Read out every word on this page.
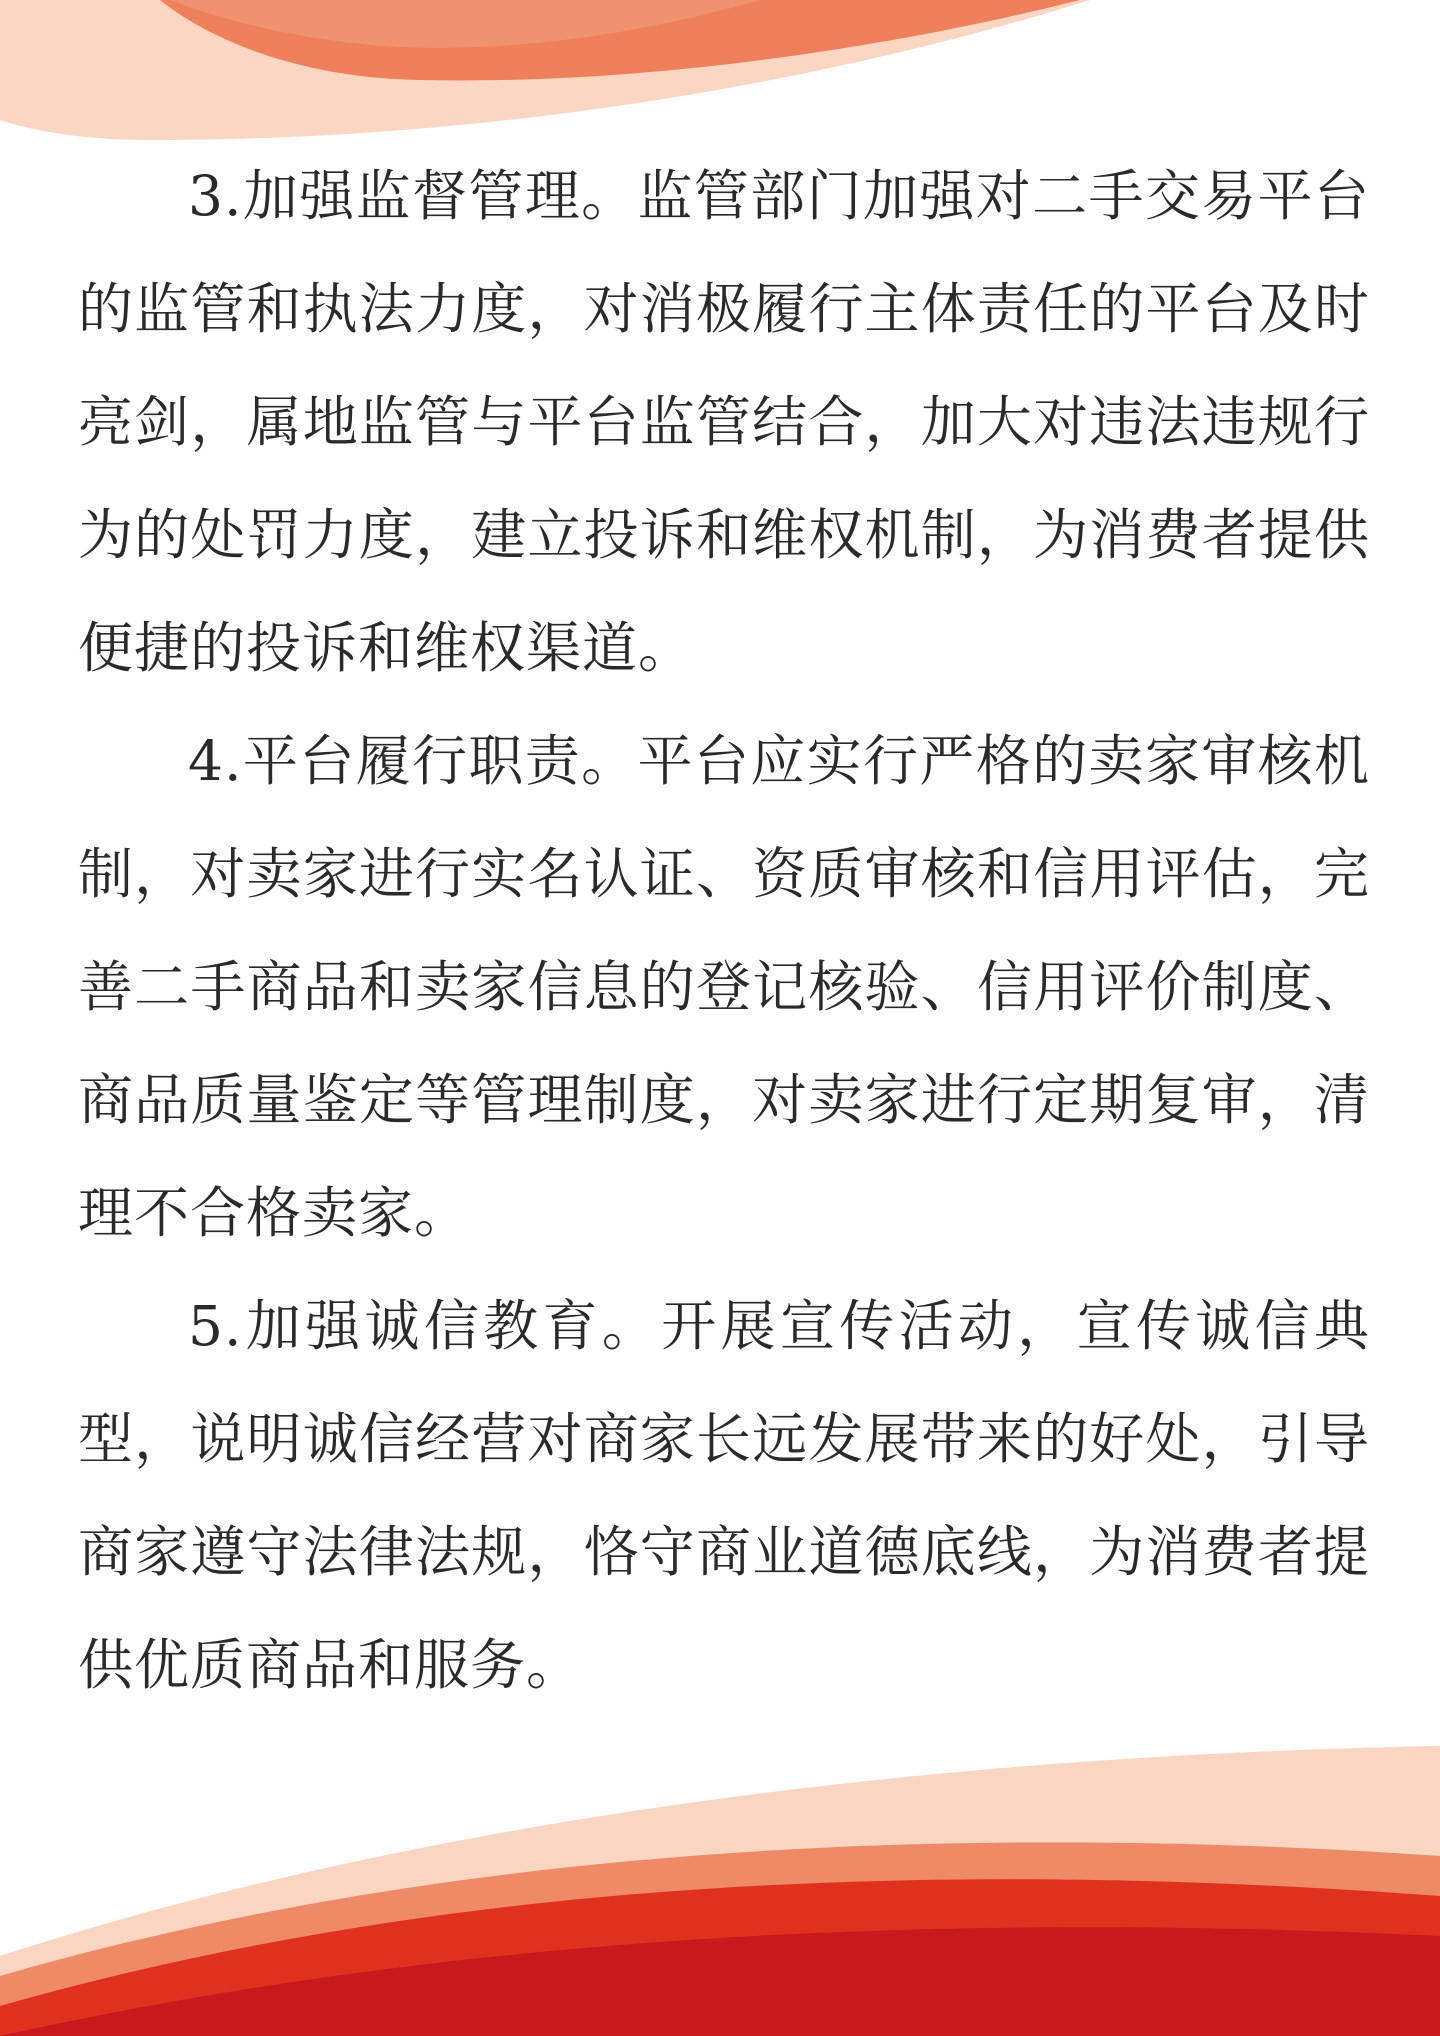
3.加强监督管理。监管部门加强对二手交易平台的监管和执法力度，对消极履行主体责任的平台及时亮剑，属地监管与平台监管结合，加大对违法违规行为的处罚力度，建立投诉和维权机制，为消费者提供便捷的投诉和维权渠道。

4.平台履行职责。平台应实行严格的卖家审核机制，对卖家进行实名认证、资质审核和信用评估，完善二手商品和卖家信息的登记核验、信用评价制度、商品质量鉴定等管理制度，对卖家进行定期复审，清理不合格卖家。

5.加强诚信教育。开展宣传活动，宣传诚信典型，说明诚信经营对商家长远发展带来的好处，引导商家遵守法律法规，恪守商业道德底线，为消费者提供优质商品和服务。
